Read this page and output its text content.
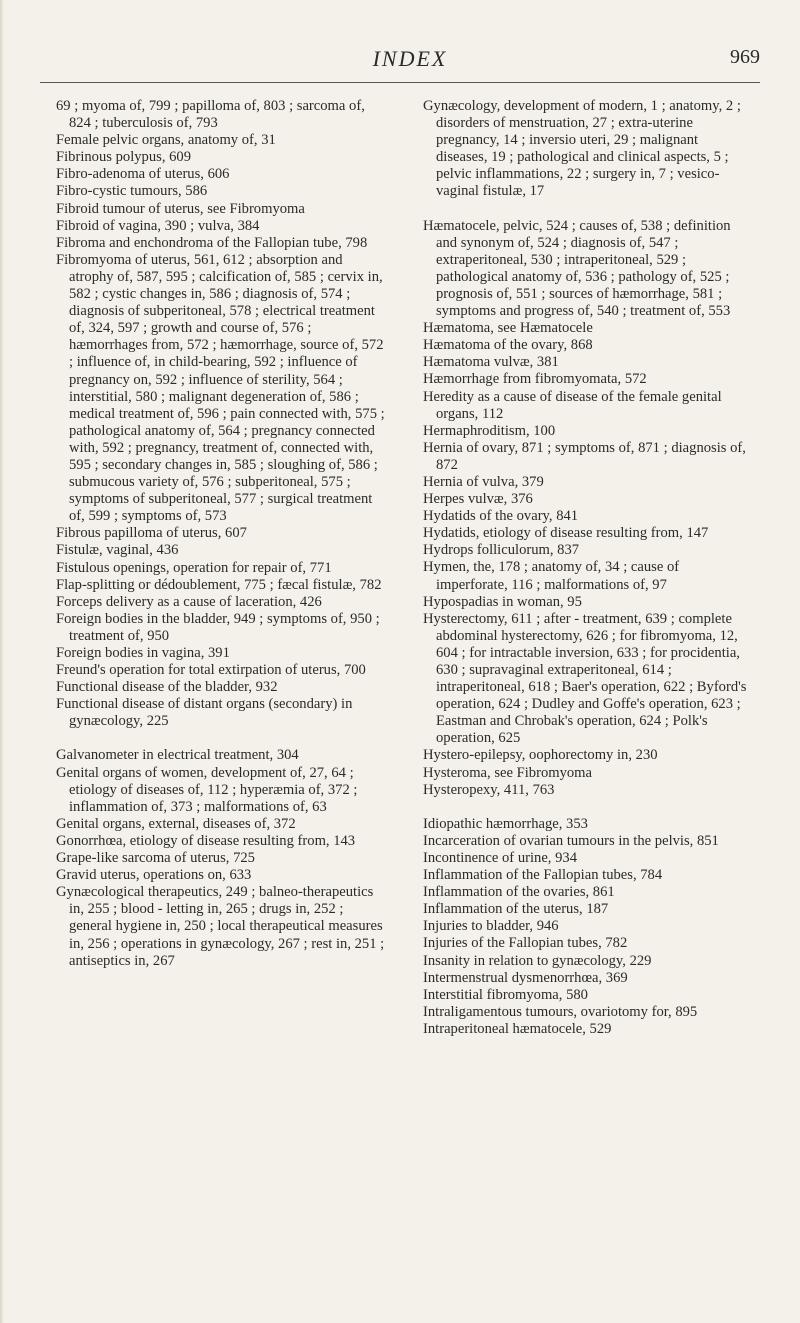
INDEX	969

69 ; myoma of, 799 ; papilloma of, 803 ; sarcoma of, 824 ; tuberculosis of, 793

Female pelvic organs, anatomy of, 31

Fibrinous polypus, 609

Fibro-adenoma of uterus, 606

Fibro-cystic tumours, 586

Fibroid tumour of uterus, see Fibromyoma

Fibroid of vagina, 390 ; vulva, 384

Fibroma and enchondroma of the Fallopian tube, 798

Fibromyoma of uterus, 561, 612 ; absorption and atrophy of, 587, 595 ; calcification of, 585 ; cervix in, 582 ; cystic changes in, 586 ; diagnosis of, 574 ; diagnosis of subperitoneal, 578 ; electrical treatment of, 324, 597 ; growth and course of, 576 ; hæmorrhages from, 572 ; hæmorrhage, source of, 572 ; influence of, in child-bearing, 592 ; influence of pregnancy on, 592 ; influence of sterility, 564 ; interstitial, 580 ; malignant degeneration of, 586 ; medical treatment of, 596 ; pain connected with, 575 ; pathological anatomy of, 564 ; pregnancy connected with, 592 ; pregnancy, treatment of, connected with, 595 ; secondary changes in, 585 ; sloughing of, 586 ; submucous variety of, 576 ; subperitoneal, 575 ; symptoms of subperitoneal, 577 ; surgical treatment of, 599 ; symptoms of, 573

Fibrous papilloma of uterus, 607

Fistulæ, vaginal, 436

Fistulous openings, operation for repair of, 771

Flap-splitting or dédoublement, 775 ; fæcal fistulæ, 782

Forceps delivery as a cause of laceration, 426

Foreign bodies in the bladder, 949 ; symptoms of, 950 ; treatment of, 950

Foreign bodies in vagina, 391

Freund's operation for total extirpation of uterus, 700

Functional disease of the bladder, 932

Functional disease of distant organs (secondary) in gynæcology, 225

Galvanometer in electrical treatment, 304

Genital organs of women, development of, 27, 64 ; etiology of diseases of, 112 ; hyperæmia of, 372 ; inflammation of, 373 ; malformations of, 63

Genital organs, external, diseases of, 372

Gonorrhœa, etiology of disease resulting from, 143

Grape-like sarcoma of uterus, 725

Gravid uterus, operations on, 633

Gynæcological therapeutics, 249 ; balneo-therapeutics in, 255 ; blood - letting in, 265 ; drugs in, 252 ; general hygiene in, 250 ; local therapeutical measures in, 256 ; operations in gynæcology, 267 ; rest in, 251 ; antiseptics in, 267

Gynæcology, development of modern, 1 ; anatomy, 2 ; disorders of menstruation, 27 ; extra-uterine pregnancy, 14 ; inversio uteri, 29 ; malignant diseases, 19 ; pathological and clinical aspects, 5 ; pelvic inflammations, 22 ; surgery in, 7 ; vesico-vaginal fistulæ, 17

Hæmatocele, pelvic, 524 ; causes of, 538 ; definition and synonym of, 524 ; diagnosis of, 547 ; extraperitoneal, 530 ; intraperitoneal, 529 ; pathological anatomy of, 536 ; pathology of, 525 ; prognosis of, 551 ; sources of hæmorrhage, 581 ; symptoms and progress of, 540 ; treatment of, 553

Hæmatoma, see Hæmatocele

Hæmatoma of the ovary, 868

Hæmatoma vulvæ, 381

Hæmorrhage from fibromyomata, 572

Heredity as a cause of disease of the female genital organs, 112

Hermaphroditism, 100

Hernia of ovary, 871 ; symptoms of, 871 ; diagnosis of, 872

Hernia of vulva, 379

Herpes vulvæ, 376

Hydatids of the ovary, 841

Hydatids, etiology of disease resulting from, 147

Hydrops folliculorum, 837

Hymen, the, 178 ; anatomy of, 34 ; cause of imperforate, 116 ; malformations of, 97

Hypospadias in woman, 95

Hysterectomy, 611 ; after - treatment, 639 ; complete abdominal hysterectomy, 626 ; for fibromyoma, 12, 604 ; for intractable inversion, 633 ; for procidentia, 630 ; supravaginal extraperitoneal, 614 ; intraperitoneal, 618 ; Baer's operation, 622 ; Byford's operation, 624 ; Dudley and Goffe's operation, 623 ; Eastman and Chrobak's operation, 624 ; Polk's operation, 625

Hystero-epilepsy, oophorectomy in, 230

Hysteroma, see Fibromyoma

Hysteropexy, 411, 763

Idiopathic hæmorrhage, 353

Incarceration of ovarian tumours in the pelvis, 851

Incontinence of urine, 934

Inflammation of the Fallopian tubes, 784

Inflammation of the ovaries, 861

Inflammation of the uterus, 187

Injuries to bladder, 946

Injuries of the Fallopian tubes, 782

Insanity in relation to gynæcology, 229

Intermenstrual dysmenorrhœa, 369

Interstitial fibromyoma, 580

Intraligamentous tumours, ovariotomy for, 895

Intraperitoneal hæmatocele, 529
